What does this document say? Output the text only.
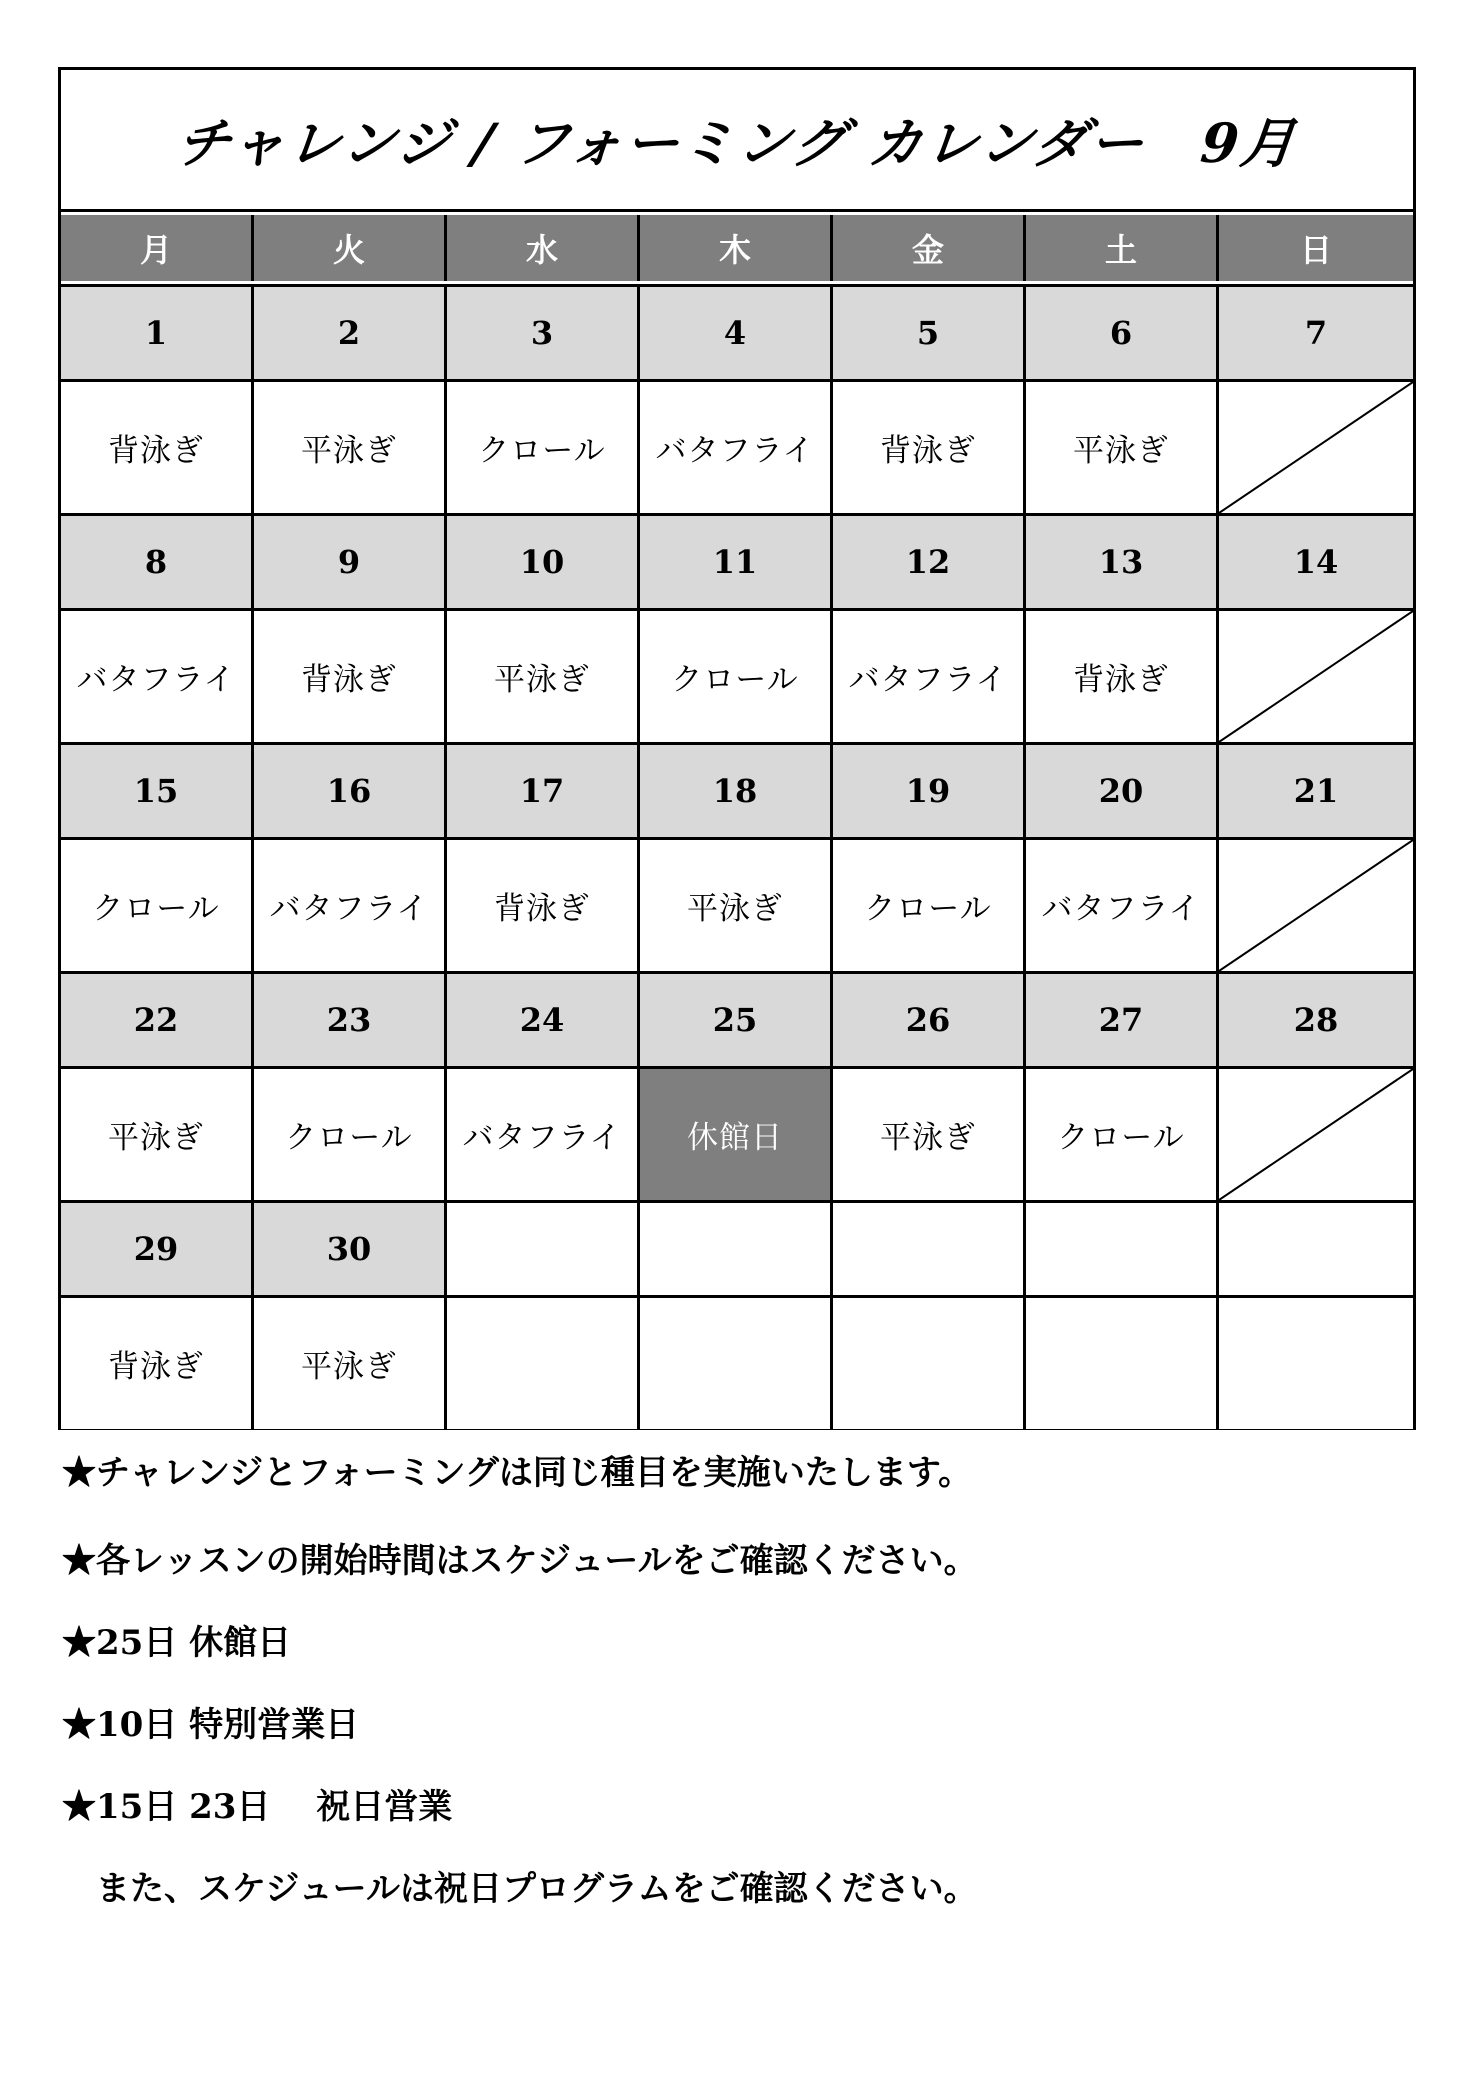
チャレンジ / フォーミング カレンダー　9月
月	火	水	木	金	土	日
1	2	3	4	5	6	7
背泳ぎ	平泳ぎ	クロール	バタフライ	背泳ぎ	平泳ぎ
8	9	10	11	12	13	14
バタフライ	背泳ぎ	平泳ぎ	クロール	バタフライ	背泳ぎ
15	16	17	18	19	20	21
クロール	バタフライ	背泳ぎ	平泳ぎ	クロール	バタフライ
22	23	24	25	26	27	28
平泳ぎ	クロール	バタフライ	休館日	平泳ぎ	クロール
29	30
背泳ぎ	平泳ぎ
★チャレンジとフォーミングは同じ種目を実施いたします。
★各レッスンの開始時間はスケジュールをご確認ください。
★25日 休館日
★10日 特別営業日
★15日 23日　 祝日営業
　また、スケジュールは祝日プログラムをご確認ください。
